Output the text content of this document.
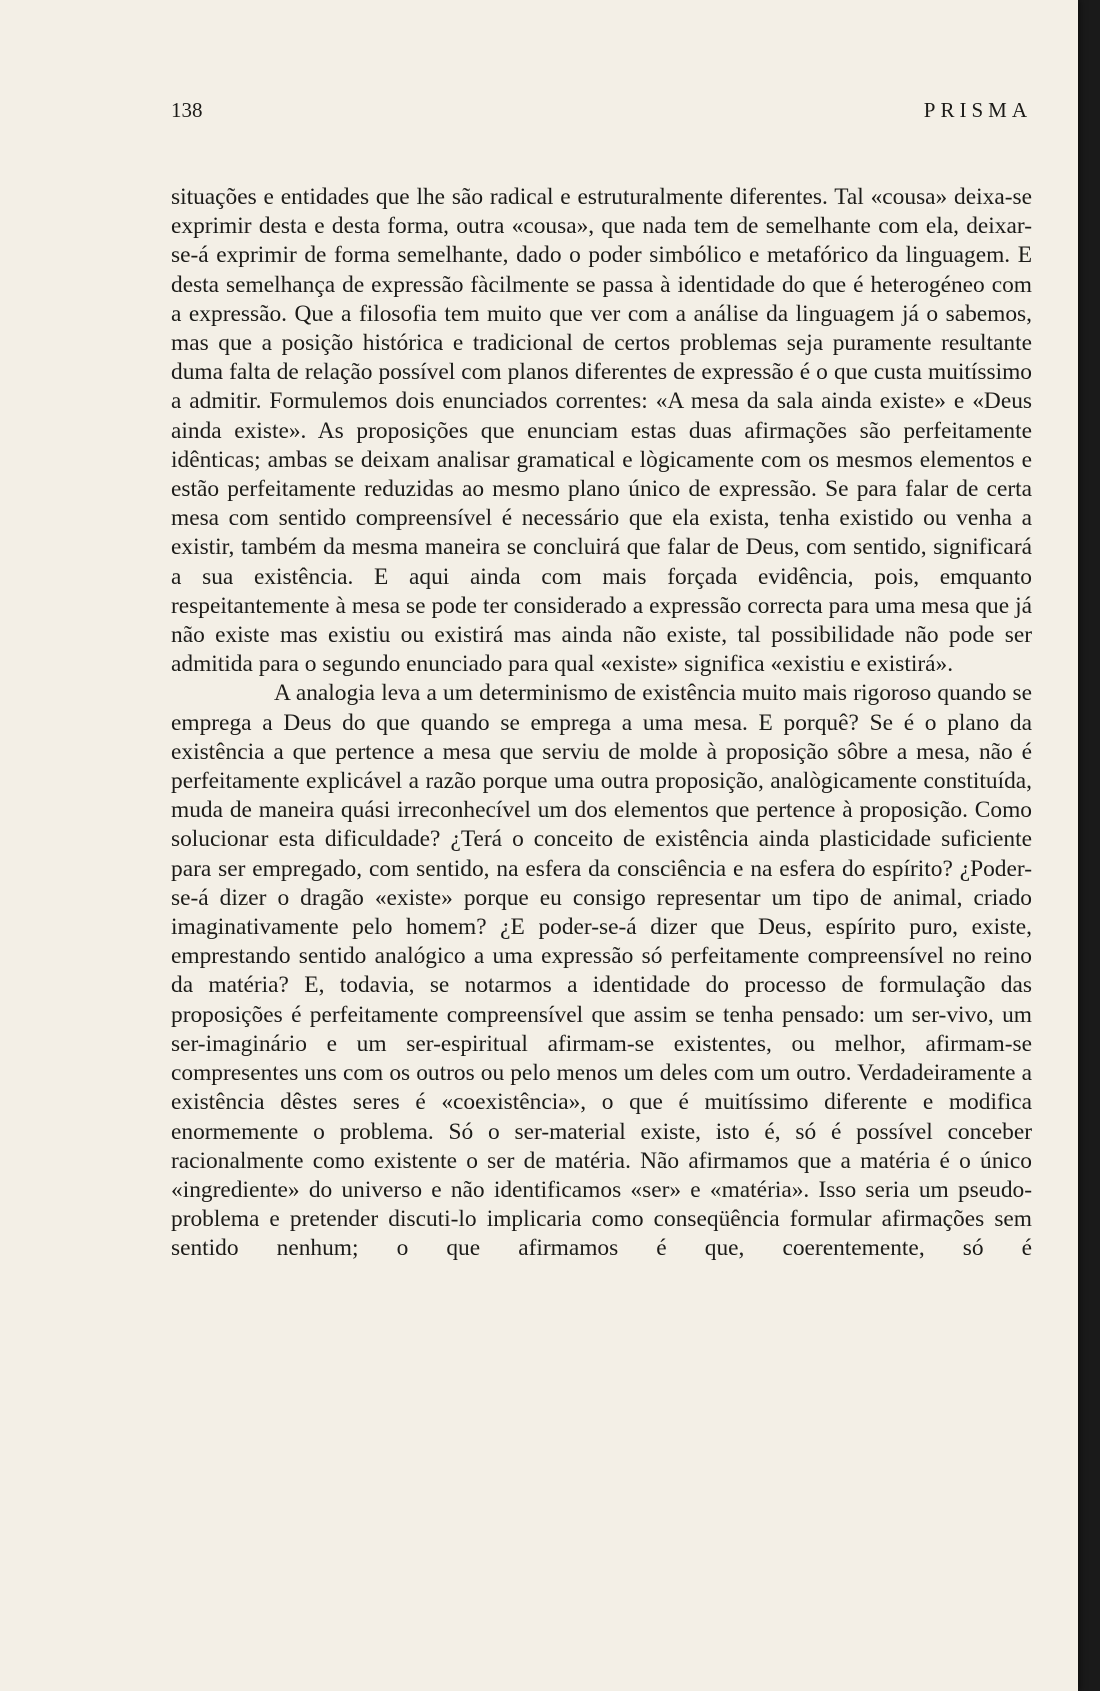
138	PRISMA

situações e entidades que lhe são radical e estruturalmente diferentes. Tal «cousa» deixa-se exprimir desta e desta forma, outra «cousa», que nada tem de semelhante com ela, deixar-se-á exprimir de forma semelhante, dado o poder simbólico e metafórico da linguagem. E desta semelhança de expressão fàcilmente se passa à identidade do que é heterogéneo com a expressão. Que a filosofia tem muito que ver com a análise da linguagem já o sabemos, mas que a posição histórica e tradicional de certos problemas seja puramente resultante duma falta de relação possível com planos diferentes de expressão é o que custa muitíssimo a admitir. Formulemos dois enunciados correntes: «A mesa da sala ainda existe» e «Deus ainda existe». As proposições que enunciam estas duas afirmações são perfeitamente idênticas; ambas se deixam analisar gramatical e lògicamente com os mesmos elementos e estão perfeitamente reduzidas ao mesmo plano único de expressão. Se para falar de certa mesa com sentido compreensível é necessário que ela exista, tenha existido ou venha a existir, também da mesma maneira se concluirá que falar de Deus, com sentido, significará a sua existência. E aqui ainda com mais forçada evidência, pois, emquanto respeitantemente à mesa se pode ter considerado a expressão correcta para uma mesa que já não existe mas existiu ou existirá mas ainda não existe, tal possibilidade não pode ser admitida para o segundo enunciado para qual «existe» significa «existiu e existirá».

A analogia leva a um determinismo de existência muito mais rigoroso quando se emprega a Deus do que quando se emprega a uma mesa. E porquê? Se é o plano da existência a que pertence a mesa que serviu de molde à proposição sôbre a mesa, não é perfeitamente explicável a razão porque uma outra proposição, analògicamente constituída, muda de maneira quási irreconhecível um dos elementos que pertence à proposição. Como solucionar esta dificuldade? ¿Terá o conceito de existência ainda plasticidade suficiente para ser empregado, com sentido, na esfera da consciência e na esfera do espírito? ¿Poder-se-á dizer o dragão «existe» porque eu consigo representar um tipo de animal, criado imaginativamente pelo homem? ¿E poder-se-á dizer que Deus, espírito puro, existe, emprestando sentido analógico a uma expressão só perfeitamente compreensível no reino da matéria? E, todavia, se notarmos a identidade do processo de formulação das proposições é perfeitamente compreensível que assim se tenha pensado: um ser-vivo, um ser-imaginário e um ser-espiritual afirmam-se existentes, ou melhor, afirmam-se compresentes uns com os outros ou pelo menos um deles com um outro. Verdadeiramente a existência dêstes seres é «coexistência», o que é muitíssimo diferente e modifica enormemente o problema. Só o ser-material existe, isto é, só é possível conceber racionalmente como existente o ser de matéria. Não afirmamos que a matéria é o único «ingrediente» do universo e não identificamos «ser» e «matéria». Isso seria um pseudo-problema e pretender discuti-lo implicaria como conseqüência formular afirmações sem sentido nenhum; o que afirmamos é que, coerentemente, só é
